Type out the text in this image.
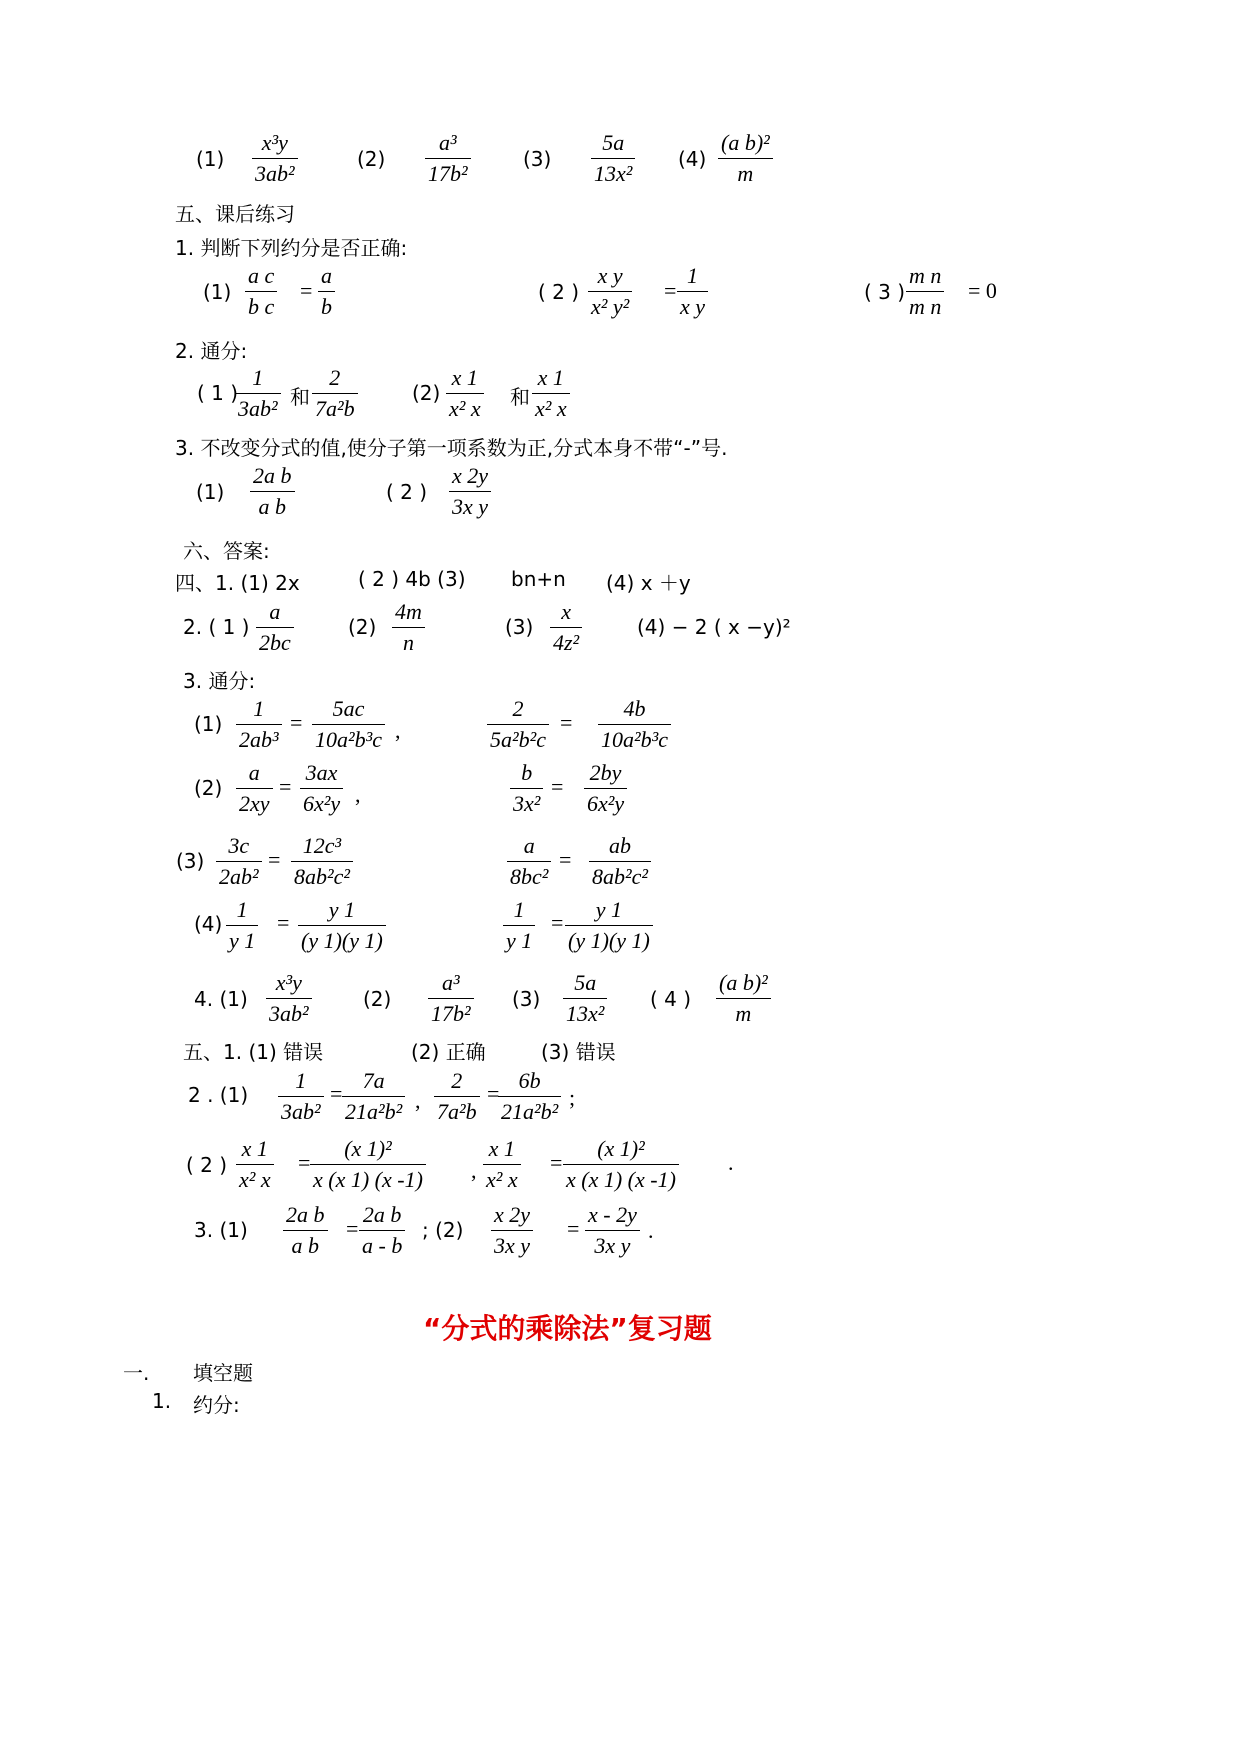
(1)
x³y
3ab²
(2)
a³
17b²
(3)
5a
13x²
(4)
(a b)²
m
五、课后练习
1. 判断下列约分是否正确:
(1)
a c
b c
=
a
b
( 2 )
x y
x² y²
=
1
x y
( 3 )
m n
m n
= 0
2. 通分:
( 1 )
1
3ab² 和
2
7a²b
(2)
x 1
x² x 和
x 1
x² x
3. 不改变分式的值,使分子第一项系数为正,分式本身不带“-”号.
(1)
2a b
a b
( 2 )
x 2y
3x y
六、答案:
四、1. (1) 2x	( 2 ) 4b (3) bn+n (4) x ＋y
2. ( 1 )
a
2bc
(2)
4m
n
(3)
x
4z²
(4) − 2 ( x −y)²
3. 通分:
(1)
1
2ab³
=
5ac
10a²b³c ,
2
5a²b²c
=
4b
10a²b³c
(2)
a
2xy
=
3ax
6x²y ,
b
3x²
=
2by
6x²y
(3)
3c
2ab²
=
12c³
8ab²c²
a
8bc²
=
ab
8ab²c²
(4)
1
y 1
=
y 1
(y 1)(y 1)
1
y 1
=
y 1
(y 1)(y 1)
4. (1)
x³y
3ab²
(2)
a³
17b²
(3)
5a
13x²
( 4 )
(a b)²
m
五、1. (1) 错误	(2) 正确	(3) 错误
2 . (1)
1
3ab²
=
7a
21a²b² ,
2
7a²b
=
6b
21a²b²
;
( 2 )
x 1
x² x
=
(x 1)²
x (x 1) (x -1) ,
x 1
x² x
=
(x 1)²
x (x 1) (x -1)
.
3. (1)
2a b
a b
=
2a b
a - b
; (2)
x 2y
3x y
=
x - 2y
3x y
.
“分式的乘除法”复习题
一. 填空题
1. 约分:
